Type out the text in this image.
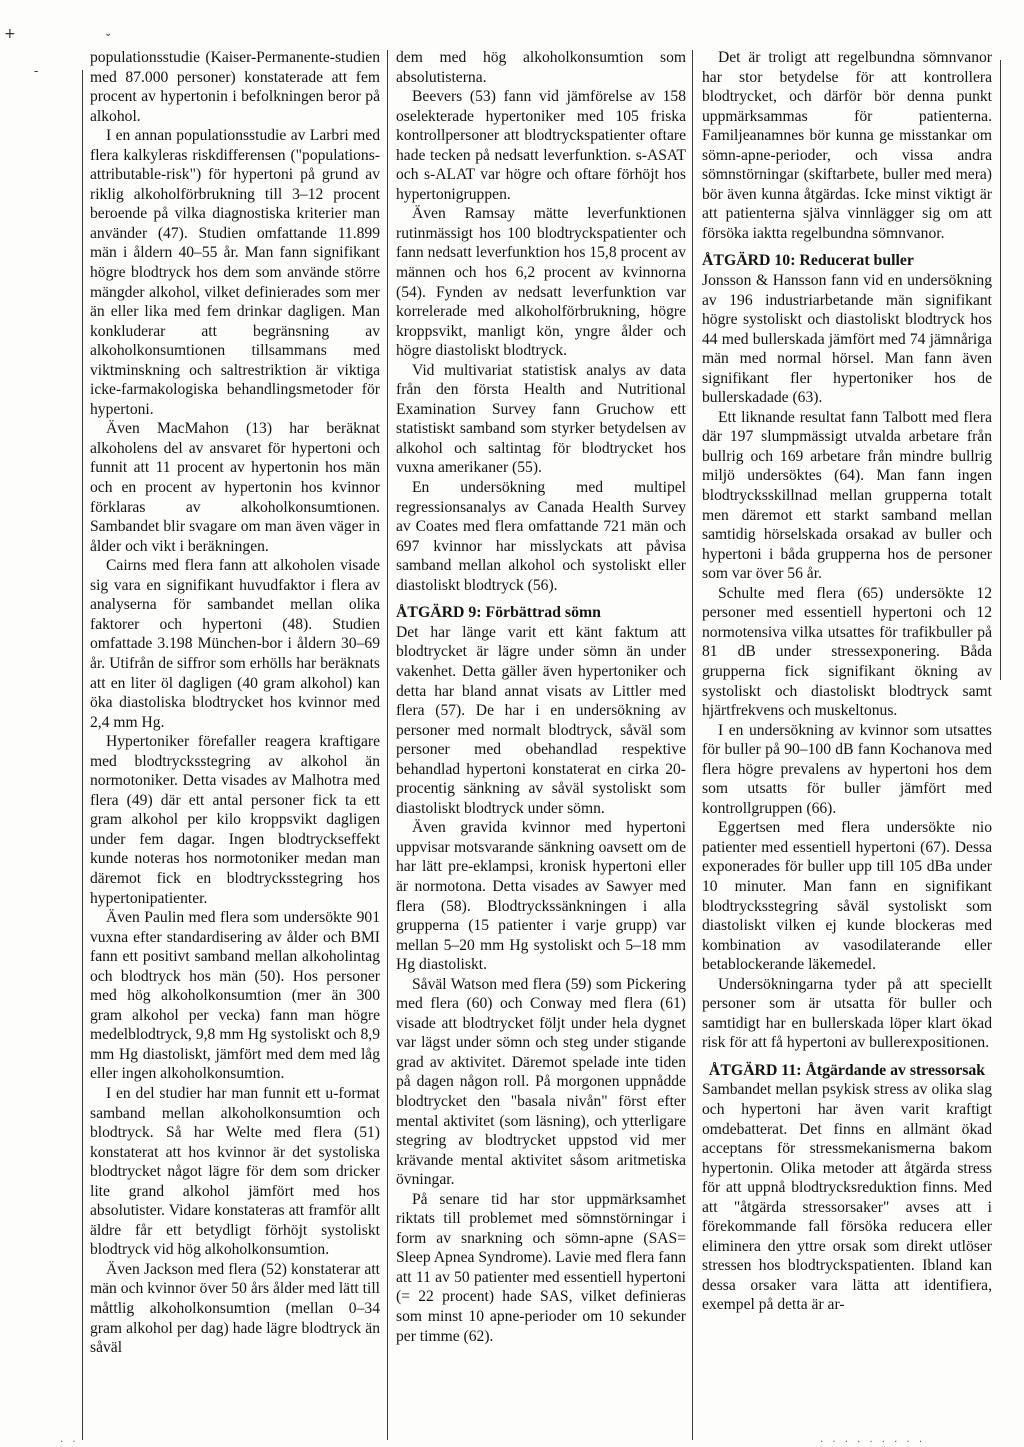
+	⌄
-

populationsstudie (Kaiser-Permanente-studien med 87.000 personer) konstaterade att fem procent av hypertonin i befolkningen beror på alkohol.

I en annan populationsstudie av Larbri med flera kalkyleras riskdifferensen ("populations-attributable-risk") för hypertoni på grund av riklig alkoholförbrukning till 3–12 procent beroende på vilka diagnostiska kriterier man använder (47). Studien omfattande 11.899 män i åldern 40–55 år. Man fann signifikant högre blodtryck hos dem som använde större mängder alkohol, vilket definierades som mer än eller lika med fem drinkar dagligen. Man konkluderar att begränsning av alkoholkonsumtionen tillsammans med viktminskning och saltrestriktion är viktiga icke-farmakologiska behandlingsmetoder för hypertoni.

Även MacMahon (13) har beräknat alkoholens del av ansvaret för hypertoni och funnit att 11 procent av hypertonin hos män och en procent av hypertonin hos kvinnor förklaras av alkoholkonsumtionen. Sambandet blir svagare om man även väger in ålder och vikt i beräkningen.

Cairns med flera fann att alkoholen visade sig vara en signifikant huvudfaktor i flera av analyserna för sambandet mellan olika faktorer och hypertoni (48). Studien omfattade 3.198 München-bor i åldern 30–69 år. Utifrån de siffror som erhölls har beräknats att en liter öl dagligen (40 gram alkohol) kan öka diastoliska blodtrycket hos kvinnor med 2,4 mm Hg.

Hypertoniker förefaller reagera kraftigare med blodtrycksstegring av alkohol än normotoniker. Detta visades av Malhotra med flera (49) där ett antal personer fick ta ett gram alkohol per kilo kroppsvikt dagligen under fem dagar. Ingen blodtryckseffekt kunde noteras hos normotoniker medan man däremot fick en blodtrycksstegring hos hypertonipatienter.

Även Paulin med flera som undersökte 901 vuxna efter standardisering av ålder och BMI fann ett positivt samband mellan alkoholintag och blodtryck hos män (50). Hos personer med hög alkoholkonsumtion (mer än 300 gram alkohol per vecka) fann man högre medelblodtryck, 9,8 mm Hg systoliskt och 8,9 mm Hg diastoliskt, jämfört med dem med låg eller ingen alkoholkonsumtion.

I en del studier har man funnit ett u-format samband mellan alkoholkonsumtion och blodtryck. Så har Welte med flera (51) konstaterat att hos kvinnor är det systoliska blodtrycket något lägre för dem som dricker lite grand alkohol jämfört med hos absolutister. Vidare konstateras att framför allt äldre får ett betydligt förhöjt systoliskt blodtryck vid hög alkoholkonsumtion.

Även Jackson med flera (52) konstaterar att män och kvinnor över 50 års ålder med lätt till måttlig alkoholkonsumtion (mellan 0–34 gram alkohol per dag) hade lägre blodtryck än såväl

dem med hög alkoholkonsumtion som absolutisterna.

Beevers (53) fann vid jämförelse av 158 oselekterade hypertoniker med 105 friska kontrollpersoner att blodtryckspatienter oftare hade tecken på nedsatt leverfunktion. s-ASAT och s-ALAT var högre och oftare förhöjt hos hypertonigruppen.

Även Ramsay mätte leverfunktionen rutinmässigt hos 100 blodtryckspatienter och fann nedsatt leverfunktion hos 15,8 procent av männen och hos 6,2 procent av kvinnorna (54). Fynden av nedsatt leverfunktion var korrelerade med alkoholförbrukning, högre kroppsvikt, manligt kön, yngre ålder och högre diastoliskt blodtryck.

Vid multivariat statistisk analys av data från den första Health and Nutritional Examination Survey fann Gruchow ett statistiskt samband som styrker betydelsen av alkohol och saltintag för blodtrycket hos vuxna amerikaner (55).

En undersökning med multipel regressionsanalys av Canada Health Survey av Coates med flera omfattande 721 män och 697 kvinnor har misslyckats att påvisa samband mellan alkohol och systoliskt eller diastoliskt blodtryck (56).

ÅTGÄRD 9: Förbättrad sömn

Det har länge varit ett känt faktum att blodtrycket är lägre under sömn än under vakenhet. Detta gäller även hypertoniker och detta har bland annat visats av Littler med flera (57). De har i en undersökning av personer med normalt blodtryck, såväl som personer med obehandlad respektive behandlad hypertoni konstaterat en cirka 20-procentig sänkning av såväl systoliskt som diastoliskt blodtryck under sömn.

Även gravida kvinnor med hypertoni uppvisar motsvarande sänkning oavsett om de har lätt pre-eklampsi, kronisk hypertoni eller är normotona. Detta visades av Sawyer med flera (58). Blodtryckssänkningen i alla grupperna (15 patienter i varje grupp) var mellan 5–20 mm Hg systoliskt och 5–18 mm Hg diastoliskt.

Såväl Watson med flera (59) som Pickering med flera (60) och Conway med flera (61) visade att blodtrycket följt under hela dygnet var lägst under sömn och steg under stigande grad av aktivitet. Däremot spelade inte tiden på dagen någon roll. På morgonen uppnådde blodtrycket den "basala nivån" först efter mental aktivitet (som läsning), och ytterligare stegring av blodtrycket uppstod vid mer krävande mental aktivitet såsom aritmetiska övningar.

På senare tid har stor uppmärksamhet riktats till problemet med sömnstörningar i form av snarkning och sömn-apne (SAS= Sleep Apnea Syndrome). Lavie med flera fann att 11 av 50 patienter med essentiell hypertoni (= 22 procent) hade SAS, vilket definieras som minst 10 apne-perioder om 10 sekunder per timme (62).

Det är troligt att regelbundna sömnvanor har stor betydelse för att kontrollera blodtrycket, och därför bör denna punkt uppmärksammas för patienterna. Familjeanamnes bör kunna ge misstankar om sömn-apne-perioder, och vissa andra sömnstörningar (skiftarbete, buller med mera) bör även kunna åtgärdas. Icke minst viktigt är att patienterna själva vinnlägger sig om att försöka iaktta regelbundna sömnvanor.

ÅTGÄRD 10: Reducerat buller

Jonsson & Hansson fann vid en undersökning av 196 industriarbetande män signifikant högre systoliskt och diastoliskt blodtryck hos 44 med bullerskada jämfört med 74 jämnåriga män med normal hörsel. Man fann även signifikant fler hypertoniker hos de bullerskadade (63).

Ett liknande resultat fann Talbott med flera där 197 slumpmässigt utvalda arbetare från bullrig och 169 arbetare från mindre bullrig miljö undersöktes (64). Man fann ingen blodtrycksskillnad mellan grupperna totalt men däremot ett starkt samband mellan samtidig hörselskada orsakad av buller och hypertoni i båda grupperna hos de personer som var över 56 år.

Schulte med flera (65) undersökte 12 personer med essentiell hypertoni och 12 normotensiva vilka utsattes för trafikbuller på 81 dB under stressexponering. Båda grupperna fick signifikant ökning av systoliskt och diastoliskt blodtryck samt hjärtfrekvens och muskeltonus.

I en undersökning av kvinnor som utsattes för buller på 90–100 dB fann Kochanova med flera högre prevalens av hypertoni hos dem som utsatts för buller jämfört med kontrollgruppen (66).

Eggertsen med flera undersökte nio patienter med essentiell hypertoni (67). Dessa exponerades för buller upp till 105 dBa under 10 minuter. Man fann en signifikant blodtrycksstegring såväl systoliskt som diastoliskt vilken ej kunde blockeras med kombination av vasodilaterande eller betablockerande läkemedel.

Undersökningarna tyder på att speciellt personer som är utsatta för buller och samtidigt har en bullerskada löper klart ökad risk för att få hypertoni av bullerexpositionen.

ÅTGÄRD 11: Åtgärdande av stressorsak

Sambandet mellan psykisk stress av olika slag och hypertoni har även varit kraftigt omdebatterat. Det finns en allmänt ökad acceptans för stressmekanismerna bakom hypertonin. Olika metoder att åtgärda stress för att uppnå blodtrycksreduktion finns. Med att "åtgärda stressorsaker" avses att i förekommande fall försöka reducera eller eliminera den yttre orsak som direkt utlöser stressen hos blodtryckspatienten. Ibland kan dessa orsaker vara lätta att identifiera, exempel på detta är ar-

. .	. . . . . . . . .
